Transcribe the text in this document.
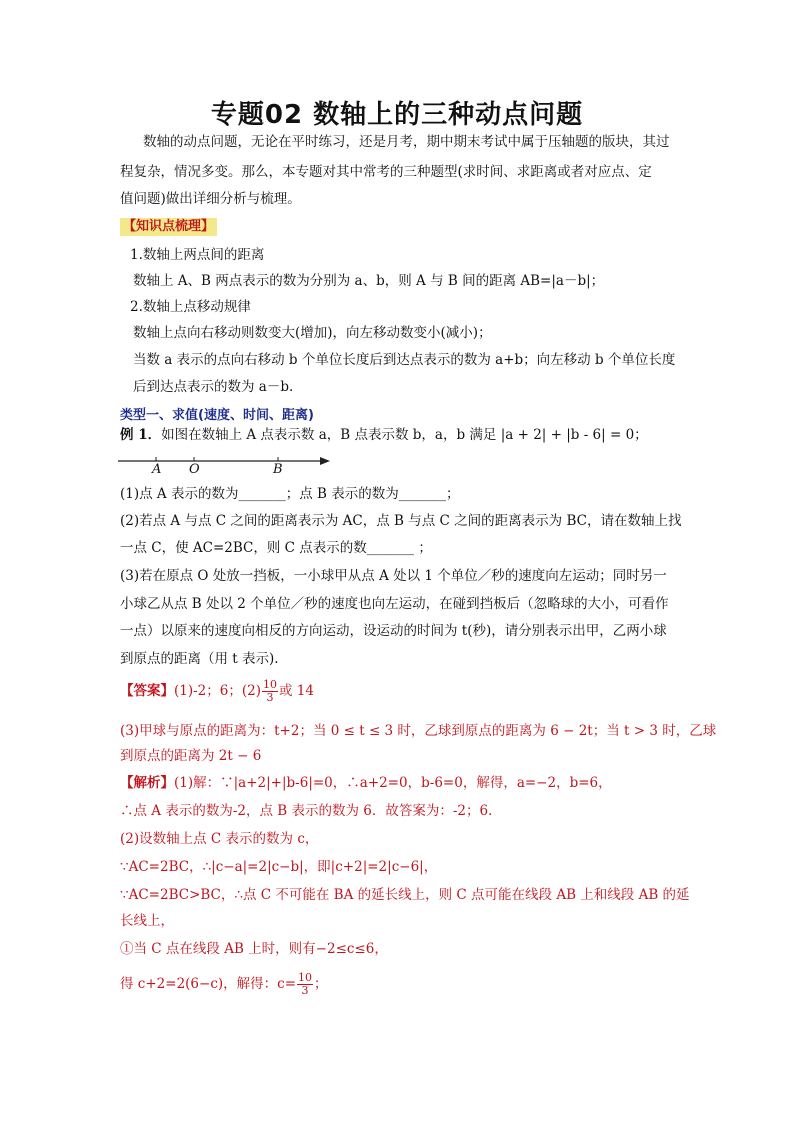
专题02 数轴上的三种动点问题
数轴的动点问题，无论在平时练习，还是月考，期中期末考试中属于压轴题的版块，其过
程复杂，情况多变。那么，本专题对其中常考的三种题型(求时间、求距离或者对应点、定
值问题)做出详细分析与梳理。
【知识点梳理】
1.数轴上两点间的距离
数轴上 A、B 两点表示的数为分别为 a、b，则 A 与 B 间的距离 AB=|a－b|；
2.数轴上点移动规律
数轴上点向右移动则数变大(增加)，向左移动数变小(减小)；
当数 a 表示的点向右移动 b 个单位长度后到达点表示的数为 a+b；向左移动 b 个单位长度
后到达点表示的数为 a－b.
类型一、求值(速度、时间、距离)
例 1．如图在数轴上 A 点表示数 a，B 点表示数 b，a，b 满足 |a + 2| + |b - 6| = 0；
A O	B
(1)点 A 表示的数为_______；点 B 表示的数为_______；
(2)若点 A 与点 C 之间的距离表示为 AC，点 B 与点 C 之间的距离表示为 BC，请在数轴上找
一点 C，使 AC=2BC，则 C 点表示的数_______ ；
(3)若在原点 O 处放一挡板，一小球甲从点 A 处以 1 个单位／秒的速度向左运动；同时另一
小球乙从点 B 处以 2 个单位／秒的速度也向左运动，在碰到挡板后（忽略球的大小，可看作
一点）以原来的速度向相反的方向运动，设运动的时间为 t(秒)，请分别表示出甲，乙两小球
到原点的距离（用 t 表示).
【答案】(1)-2；6；$(2) \frac{10}{3}$ 或 14
(3)甲球与原点的距离为：t+2；当 0 ≤ t ≤ 3 时，乙球到原点的距离为 6 − 2t；当 t > 3 时，乙球
到原点的距离为 2t − 6
【解析】(1)解：∵|a+2|+|b-6|=0，∴a+2=0，b-6=0，解得，a=−2，b=6，
∴点 A 表示的数为-2，点 B 表示的数为 6．故答案为：-2；6．
(2)设数轴上点 C 表示的数为 c，
∵AC=2BC，∴|c−a|=2|c−b|，即|c+2|=2|c−6|，
∵AC=2BC>BC，∴点 C 不可能在 BA 的延长线上，则 C 点可能在线段 AB 上和线段 AB 的延
长线上，
①当 C 点在线段 AB 上时，则有−2≤c≤6，
得 c+2=2(6−c)，解得：$c= \frac{10}{3}$ ；
